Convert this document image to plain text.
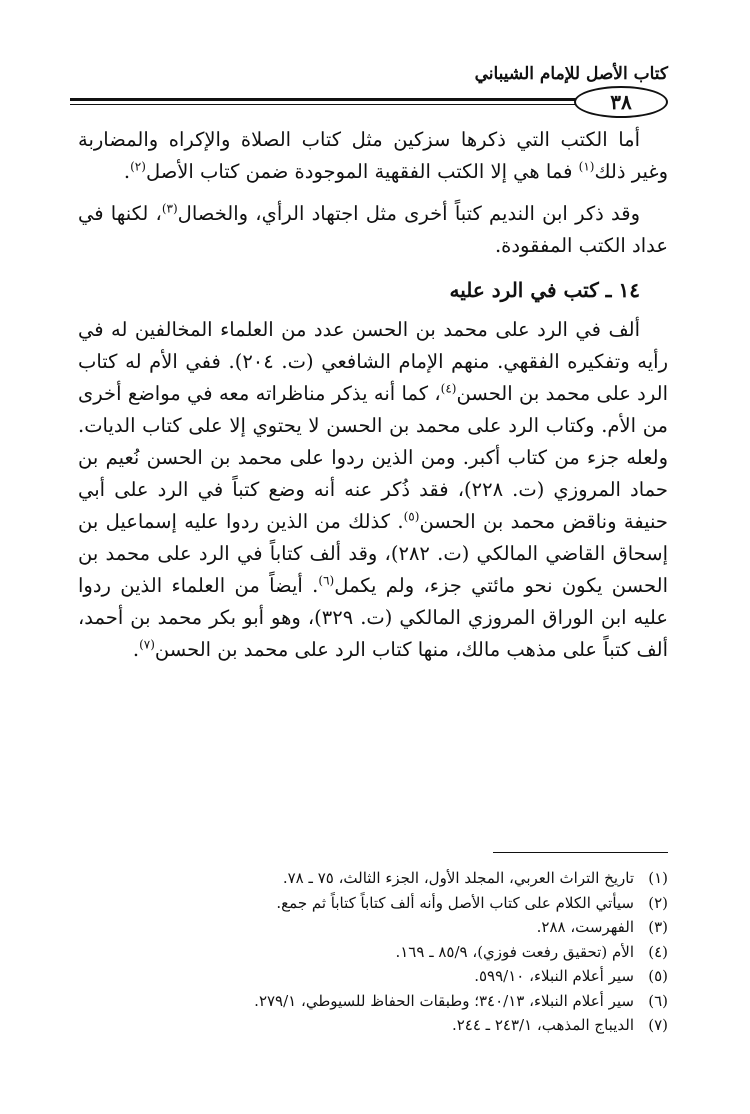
كتاب الأصل للإمام الشيباني
٣٨

أما الكتب التي ذكرها سزكين مثل كتاب الصلاة والإكراه والمضاربة وغير ذلك$^{(١)}$ فما هي إلا الكتب الفقهية الموجودة ضمن كتاب الأصل$^{(٢)}$.

وقد ذكر ابن النديم كتباً أخرى مثل اجتهاد الرأي، والخصال$^{(٣)}$، لكنها في عداد الكتب المفقودة.

١٤ ـ كتب في الرد عليه

ألف في الرد على محمد بن الحسن عدد من العلماء المخالفين له في رأيه وتفكيره الفقهي. منهم الإمام الشافعي (ت. ٢٠٤). ففي الأم له كتاب الرد على محمد بن الحسن$^{(٤)}$، كما أنه يذكر مناظراته معه في مواضع أخرى من الأم. وكتاب الرد على محمد بن الحسن لا يحتوي إلا على كتاب الديات. ولعله جزء من كتاب أكبر. ومن الذين ردوا على محمد بن الحسن نُعيم بن حماد المروزي (ت. ٢٢٨)، فقد ذُكر عنه أنه وضع كتباً في الرد على أبي حنيفة وناقض محمد بن الحسن$^{(٥)}$. كذلك من الذين ردوا عليه إسماعيل بن إسحاق القاضي المالكي (ت. ٢٨٢)، وقد ألف كتاباً في الرد على محمد بن الحسن يكون نحو مائتي جزء، ولم يكمل$^{(٦)}$. أيضاً من العلماء الذين ردوا عليه ابن الوراق المروزي المالكي (ت. ٣٢٩)، وهو أبو بكر محمد بن أحمد، ألف كتباً على مذهب مالك، منها كتاب الرد على محمد بن الحسن$^{(٧)}$.

(١)تاريخ التراث العربي، المجلد الأول، الجزء الثالث، ٧٥ ـ ٧٨.
(٢)سيأتي الكلام على كتاب الأصل وأنه ألف كتاباً كتاباً ثم جمع.
(٣)الفهرست، ٢٨٨.
(٤)الأم (تحقيق رفعت فوزي)، ٨٥/٩ ـ ١٦٩.
(٥)سير أعلام النبلاء، ٥٩٩/١٠.
(٦)سير أعلام النبلاء، ٣٤٠/١٣؛ وطبقات الحفاظ للسيوطي، ٢٧٩/١.
(٧)الديباج المذهب، ٢٤٣/١ ـ ٢٤٤.
